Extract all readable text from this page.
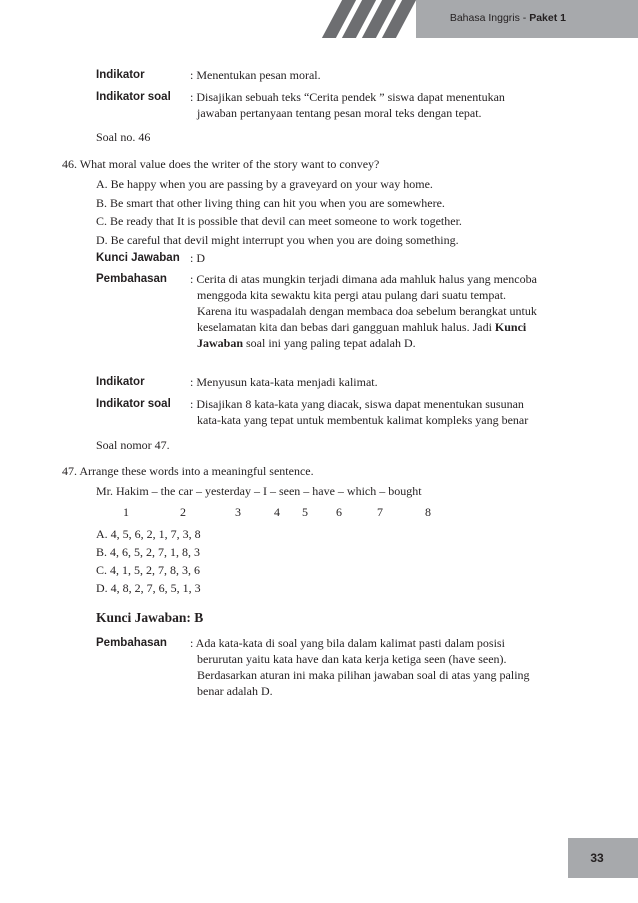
Bahasa Inggris - Paket 1
Indikator	: Menentukan pesan moral.
Indikator soal : Disajikan sebuah teks “Cerita pendek ” siswa dapat menentukan
jawaban pertanyaan tentang pesan moral teks dengan tepat.
Soal no. 46
46. What moral value does the writer of the story want to convey?
A. Be happy when you are passing by a graveyard on your way home.
B. Be smart that other living thing can hit you when you are somewhere.
C. Be ready that It is possible that devil can meet someone to work together.
D. Be careful that devil might interrupt you when you are doing something.
Kunci Jawaban : D
Pembahasan : Cerita di atas mungkin terjadi dimana ada mahluk halus yang mencoba
menggoda kita sewaktu kita pergi atau pulang dari suatu tempat.
Karena itu waspadalah dengan membaca doa sebelum berangkat untuk
keselamatan kita dan bebas dari gangguan mahluk halus. Jadi Kunci
Jawaban soal ini yang paling tepat adalah D.
Indikator	: Menyusun kata-kata menjadi kalimat.
Indikator soal : Disajikan 8 kata-kata yang diacak, siswa dapat menentukan susunan
kata-kata yang tepat untuk membentuk kalimat kompleks yang benar
Soal nomor 47.
47. Arrange these words into a meaningful sentence.
Mr. Hakim – the car – yesterday – I – seen – have – which – bought
1	2	3	4 5 6	7	8
A. 4, 5, 6, 2, 1, 7, 3, 8
B. 4, 6, 5, 2, 7, 1, 8, 3
C. 4, 1, 5, 2, 7, 8, 3, 6
D. 4, 8, 2, 7, 6, 5, 1, 3
Kunci Jawaban: B
Pembahasan : Ada kata-kata di soal yang bila dalam kalimat pasti dalam posisi
berurutan yaitu kata have dan kata kerja ketiga seen (have seen).
Berdasarkan aturan ini maka pilihan jawaban soal di atas yang paling
benar adalah D.
33
